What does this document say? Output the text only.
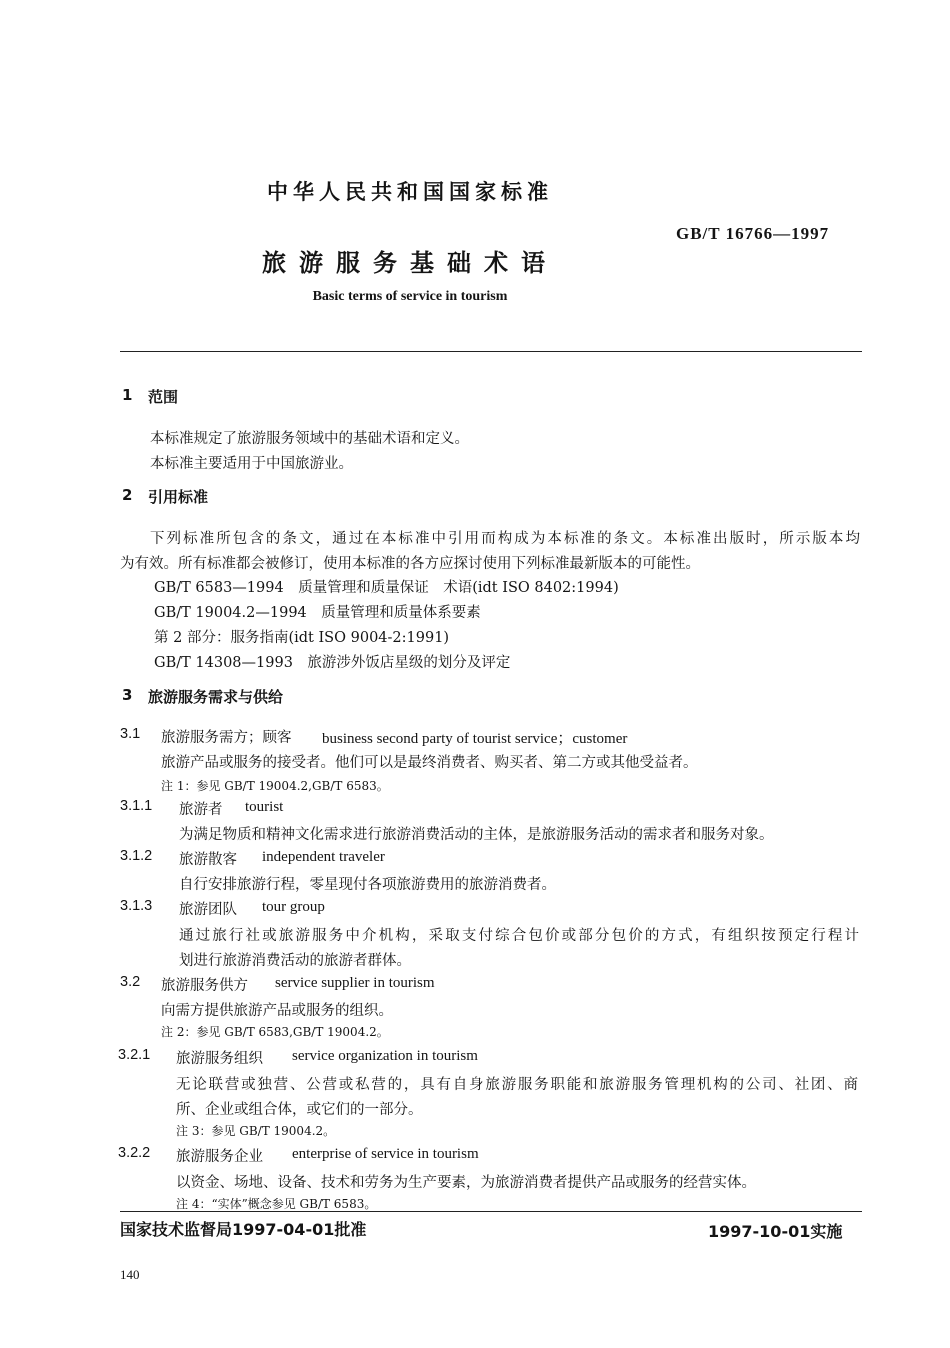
中华人民共和国国家标准
GB/T 16766—1997
旅游服务基础术语
Basic terms of service in tourism
1 范围
本标准规定了旅游服务领域中的基础术语和定义。
本标准主要适用于中国旅游业。
2 引用标准
下列标准所包含的条文，通过在本标准中引用而构成为本标准的条文。本标准出版时，所示版本均
为有效。所有标准都会被修订，使用本标准的各方应探讨使用下列标准最新版本的可能性。
GB/T 6583—1994　质量管理和质量保证　术语(idt ISO 8402:1994)
GB/T 19004.2—1994　质量管理和质量体系要素
第 2 部分：服务指南(idt ISO 9004-2:1991)
GB/T 14308—1993　旅游涉外饭店星级的划分及评定
3 旅游服务需求与供给
3.1 旅游服务需方；顾客 business second party of tourist service；customer
旅游产品或服务的接受者。他们可以是最终消费者、购买者、第二方或其他受益者。
注 1：参见 GB/T 19004.2,GB/T 6583。
3.1.1 旅游者 tourist
为满足物质和精神文化需求进行旅游消费活动的主体，是旅游服务活动的需求者和服务对象。
3.1.2 旅游散客 independent traveler
自行安排旅游行程，零星现付各项旅游费用的旅游消费者。
3.1.3 旅游团队 tour group
通过旅行社或旅游服务中介机构，采取支付综合包价或部分包价的方式，有组织按预定行程计
划进行旅游消费活动的旅游者群体。
3.2 旅游服务供方 service supplier in tourism
向需方提供旅游产品或服务的组织。
注 2：参见 GB/T 6583,GB/T 19004.2。
3.2.1 旅游服务组织 service organization in tourism
无论联营或独营、公营或私营的，具有自身旅游服务职能和旅游服务管理机构的公司、社团、商
所、企业或组合体，或它们的一部分。
注 3：参见 GB/T 19004.2。
3.2.2 旅游服务企业 enterprise of service in tourism
以资金、场地、设备、技术和劳务为生产要素，为旅游消费者提供产品或服务的经营实体。
注 4：“实体”概念参见 GB/T 6583。
国家技术监督局1997-04-01批准	1997-10-01实施
140
